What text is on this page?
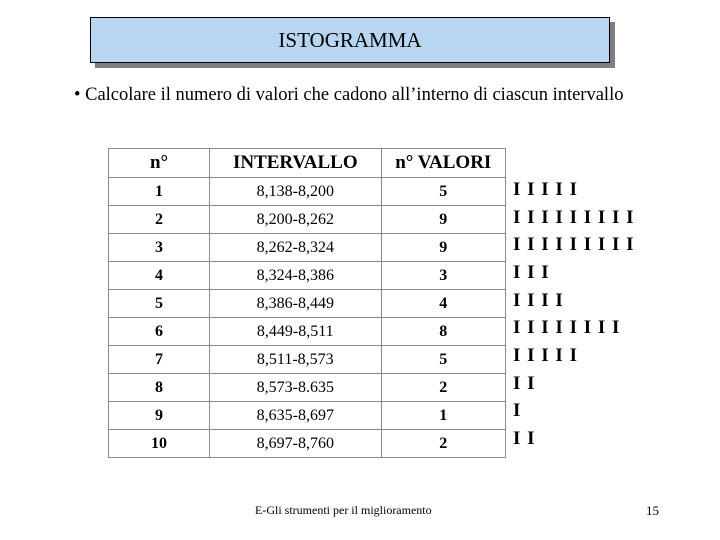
ISTOGRAMMA
• Calcolare il numero di valori che cadono all’interno di ciascun intervallo
n°	INTERVALLO	n° VALORI
1	8,138-8,200	5
2	8,200-8,262	9
3	8,262-8,324	9
4	8,324-8,386	3
5	8,386-8,449	4
6	8,449-8,511	8
7	8,511-8,573	5
8	8,573-8.635	2
9	8,635-8,697	1
10	8,697-8,760	2
I I I I I
I I I I I I I I I
I I I I I I I I I
I I I
I I I I
I I I I I I I I
I I I I I
I I
I
I I
E-Gli strumenti per il miglioramento	15
